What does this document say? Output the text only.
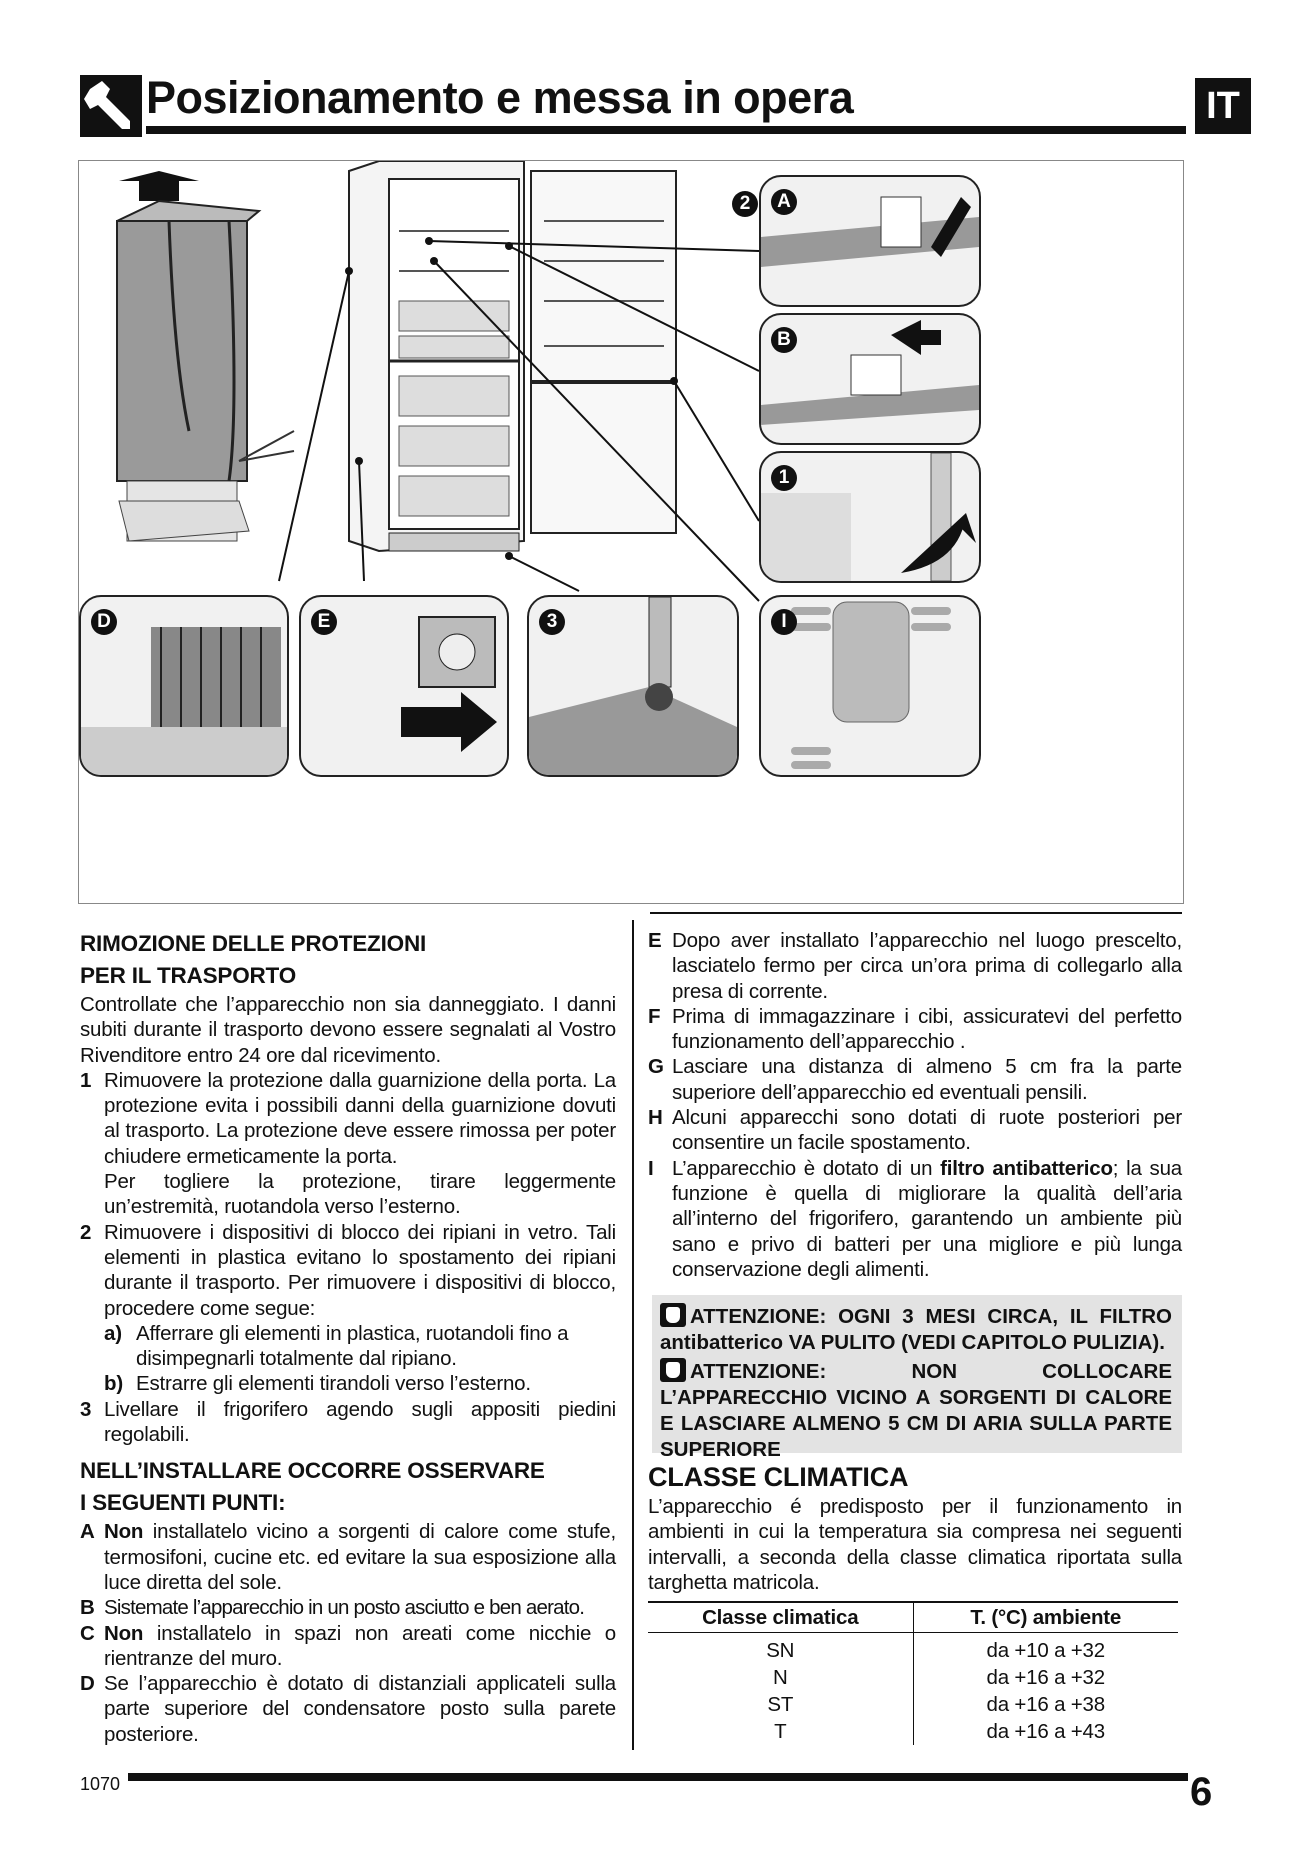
Posizionamento e messa in opera	IT
A
B
1
2
D	E	3	I

RIMOZIONE DELLE PROTEZIONI
PER IL TRASPORTO

Controllate che l’apparecchio non sia danneggiato. I danni subiti durante il trasporto devono essere segnalati al Vostro Rivenditore entro 24 ore dal ricevimento.

1 Rimuovere la protezione dalla guarnizione della porta. La protezione evita i possibili danni della guarnizione dovuti al trasporto. La protezione deve essere rimossa per poter chiudere ermeticamente la porta.
Per togliere la protezione, tirare leggermente un’estremità, ruotandola verso l’esterno.
2 Rimuovere i dispositivi di blocco dei ripiani in vetro. Tali elementi in plastica evitano lo spostamento dei ripiani durante il trasporto. Per rimuovere i dispositivi di blocco, procedere come segue:
a) Afferrare gli elementi in plastica, ruotandoli fino a disimpegnarli totalmente dal ripiano.
b) Estrarre gli elementi tirandoli verso l’esterno.
3 Livellare il frigorifero agendo sugli appositi piedini regolabili.

NELL’INSTALLARE OCCORRE OSSERVARE
I SEGUENTI PUNTI:

A Non installatelo vicino a sorgenti di calore come stufe, termosifoni, cucine etc. ed evitare la sua esposizione alla luce diretta del sole.
B Sistemate l’apparecchio in un posto asciutto e ben aerato.
C Non installatelo in spazi non areati come nicchie o rientranze del muro.
D Se l’apparecchio è dotato di distanziali applicateli sulla parte superiore del condensatore posto sulla parete posteriore.
E Dopo aver installato l’apparecchio nel luogo prescelto, lasciatelo fermo per circa un’ora prima di collegarlo alla presa di corrente.
F Prima di immagazzinare i cibi, assicuratevi del perfetto funzionamento dell’apparecchio .
G Lasciare una distanza di almeno 5 cm fra la parte superiore dell’apparecchio ed eventuali pensili.
H Alcuni apparecchi sono dotati di ruote posteriori per consentire un facile spostamento.
I L’apparecchio è dotato di un filtro antibatterico; la sua funzione è quella di migliorare la qualità dell’aria all’interno del frigorifero, garantendo un ambiente più sano e privo di batteri per una migliore e più lunga conservazione degli alimenti.
ATTENZIONE: OGNI 3 MESI CIRCA, IL FILTRO antibatterico VA PULITO (VEDI CAPITOLO PULIZIA).
ATTENZIONE: NON COLLOCARE L’APPARECCHIO VICINO A SORGENTI DI CALORE E LASCIARE ALMENO 5 CM DI ARIA SULLA PARTE SUPERIORE

CLASSE CLIMATICA

L’apparecchio é predisposto per il funzionamento in ambienti in cui la temperatura sia compresa nei seguenti intervalli, a seconda della classe climatica riportata sulla targhetta matricola.

Classe climatica	T. (°C) ambiente
SN	da +10 a +32
N	da +16 a +32
ST	da +16 a +38
T	da +16 a +43
1070	6
